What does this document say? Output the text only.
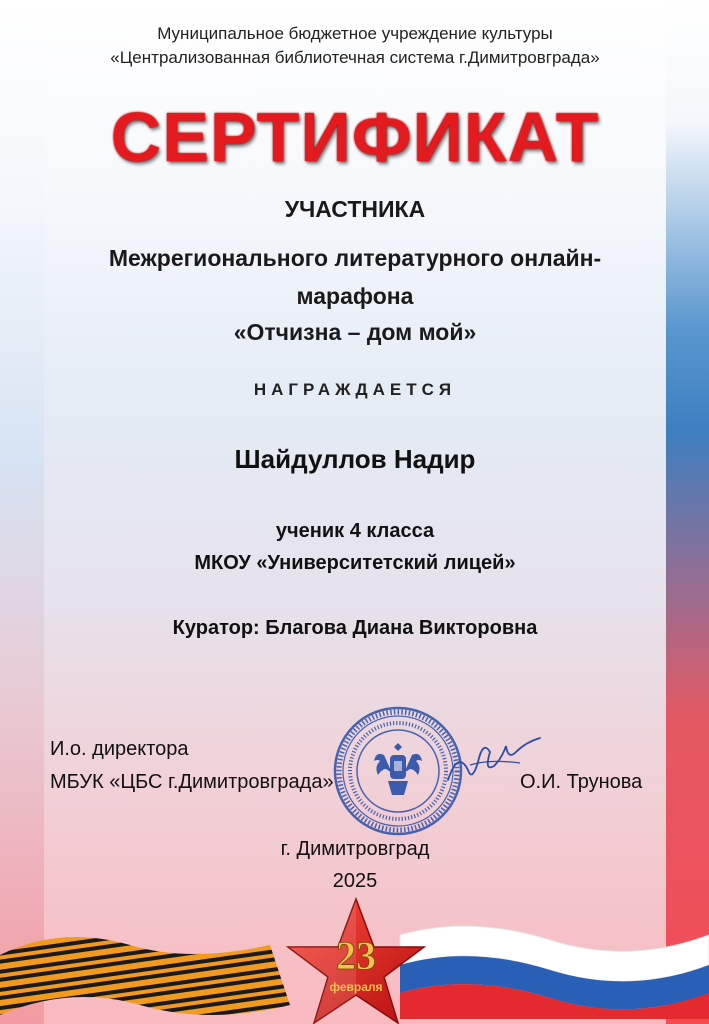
Муниципальное бюджетное учреждение культуры
«Централизованная библиотечная система г.Димитровграда»
СЕРТИФИКАТ
УЧАСТНИКА
Межрегионального литературного онлайн-
марафона
«Отчизна – дом мой»
НАГРАЖДАЕТСЯ
Шайдуллов Надир
ученик 4 класса
МКОУ «Университетский лицей»
Куратор: Благова Диана Викторовна
И.о. директора
МБУК «ЦБС г.Димитровграда»	О.И. Трунова
г. Димитровград
2025
23
февраля
